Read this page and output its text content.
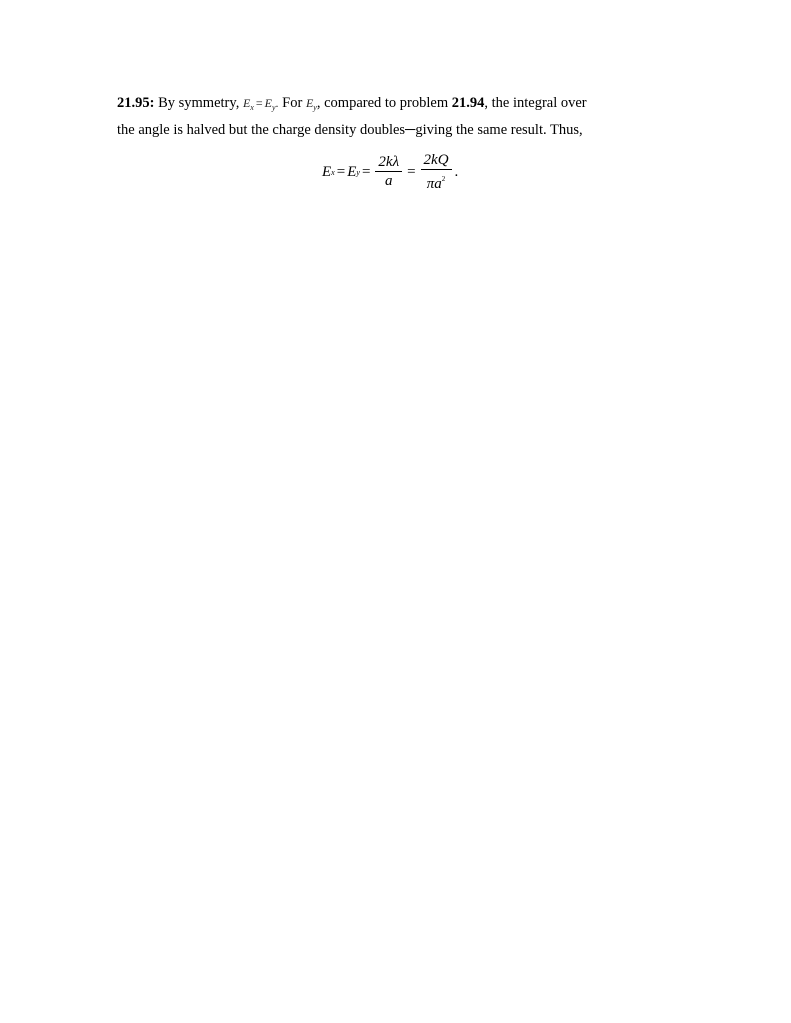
21.95: By symmetry, $E_x = E_y$. For $E_y$, compared to problem 21.94, the integral over
the angle is halved but the charge density doubles─giving the same result. Thus,
E x = E $y = \frac{2k\lambda}{a} = \frac{2kQ}{\pi a^2}$ .
